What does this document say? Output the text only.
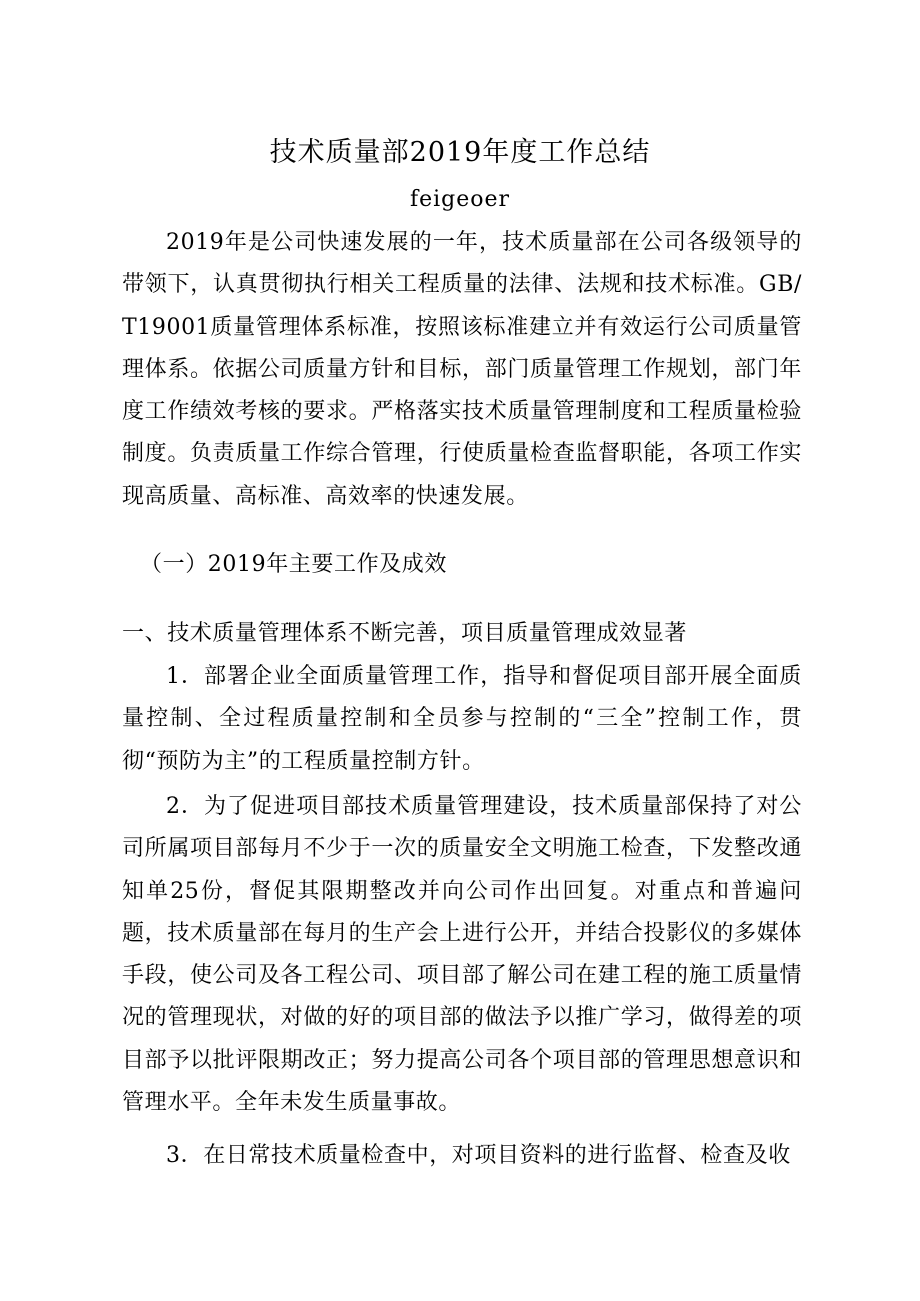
技术质量部2019年度工作总结
feigeoer

2019年是公司快速发展的一年，技术质量部在公司各级领导的带领下，认真贯彻执行相关工程质量的法律、法规和技术标准。GB/T19001质量管理体系标准，按照该标准建立并有效运行公司质量管理体系。依据公司质量方针和目标，部门质量管理工作规划，部门年度工作绩效考核的要求。严格落实技术质量管理制度和工程质量检验制度。负责质量工作综合管理，行使质量检查监督职能，各项工作实现高质量、高标准、高效率的快速发展。

（一）2019年主要工作及成效

一、技术质量管理体系不断完善，项目质量管理成效显著

1．部署企业全面质量管理工作，指导和督促项目部开展全面质量控制、全过程质量控制和全员参与控制的“三全”控制工作，贯彻“预防为主”的工程质量控制方针。

2．为了促进项目部技术质量管理建设，技术质量部保持了对公司所属项目部每月不少于一次的质量安全文明施工检查，下发整改通知单25份，督促其限期整改并向公司作出回复。对重点和普遍问题，技术质量部在每月的生产会上进行公开，并结合投影仪的多媒体手段，使公司及各工程公司、项目部了解公司在建工程的施工质量情况的管理现状，对做的好的项目部的做法予以推广学习，做得差的项目部予以批评限期改正；努力提高公司各个项目部的管理思想意识和管理水平。全年未发生质量事故。

3．在日常技术质量检查中，对项目资料的进行监督、检查及收
